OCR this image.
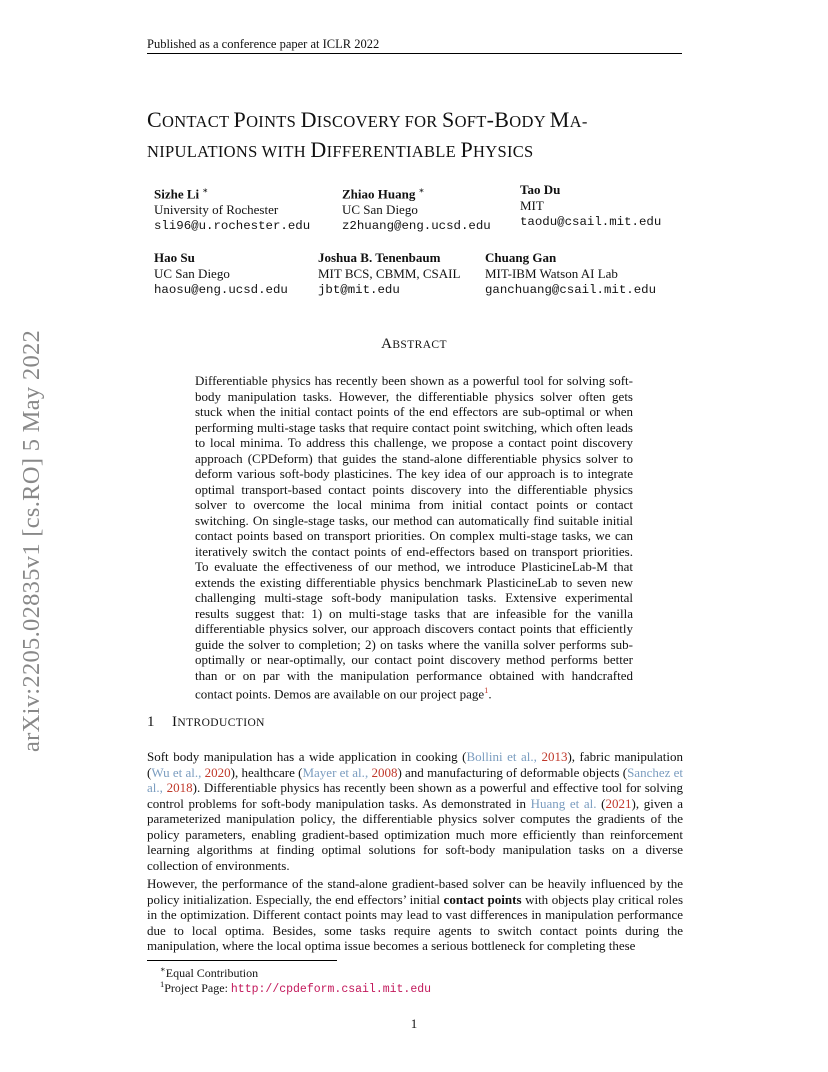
Published as a conference paper at ICLR 2022
CONTACT POINTS DISCOVERY FOR SOFT-BODY MA-
NIPULATIONS WITH DIFFERENTIABLE PHYSICS
Sizhe Li ∗
University of Rochester
sli96@u.rochester.edu
Zhiao Huang ∗
UC San Diego
z2huang@eng.ucsd.edu
Tao Du
MIT
taodu@csail.mit.edu
Hao Su
UC San Diego
haosu@eng.ucsd.edu
Joshua B. Tenenbaum
MIT BCS, CBMM, CSAIL
jbt@mit.edu
Chuang Gan
MIT-IBM Watson AI Lab
ganchuang@csail.mit.edu
arXiv:2205.02835v1 [cs.RO] 5 May 2022	ABSTRACT
Differentiable physics has recently been shown as a powerful tool for solving soft-body manipulation tasks. However, the differentiable physics solver often gets stuck when the initial contact points of the end effectors are sub-optimal or when performing multi-stage tasks that require contact point switching, which often leads to local minima. To address this challenge, we propose a contact point discovery approach (CPDeform) that guides the stand-alone differentiable physics solver to deform various soft-body plasticines. The key idea of our approach is to integrate optimal transport-based contact points discovery into the differentiable physics solver to overcome the local minima from initial contact points or contact switching. On single-stage tasks, our method can automatically find suitable initial contact points based on transport priorities. On complex multi-stage tasks, we can iteratively switch the contact points of end-effectors based on transport priorities. To evaluate the effectiveness of our method, we introduce PlasticineLab-M that extends the existing differentiable physics benchmark PlasticineLab to seven new challenging multi-stage soft-body manipulation tasks. Extensive experimental results suggest that: 1) on multi-stage tasks that are infeasible for the vanilla differentiable physics solver, our approach discovers contact points that efficiently guide the solver to completion; 2) on tasks where the vanilla solver performs sub-optimally or near-optimally, our contact point discovery method performs better than or on par with the manipulation performance obtained with handcrafted contact points. Demos are available on our project page$^1$.
1 INTRODUCTION
Soft body manipulation has a wide application in cooking (Bollini et al., 2013), fabric manipulation (Wu et al., 2020), healthcare (Mayer et al., 2008) and manufacturing of deformable objects (Sanchez et al., 2018). Differentiable physics has recently been shown as a powerful and effective tool for solving control problems for soft-body manipulation tasks. As demonstrated in Huang et al. (2021), given a parameterized manipulation policy, the differentiable physics solver computes the gradients of the policy parameters, enabling gradient-based optimization much more efficiently than reinforcement learning algorithms at finding optimal solutions for soft-body manipulation tasks on a diverse collection of environments.
However, the performance of the stand-alone gradient-based solver can be heavily influenced by the policy initialization. Especially, the end effectors’ initial contact points with objects play critical roles in the optimization. Different contact points may lead to vast differences in manipulation performance due to local optima. Besides, some tasks require agents to switch contact points during the manipulation, where the local optima issue becomes a serious bottleneck for completing these
∗Equal Contribution
$^1$Project Page: http://cpdeform.csail.mit.edu
1
